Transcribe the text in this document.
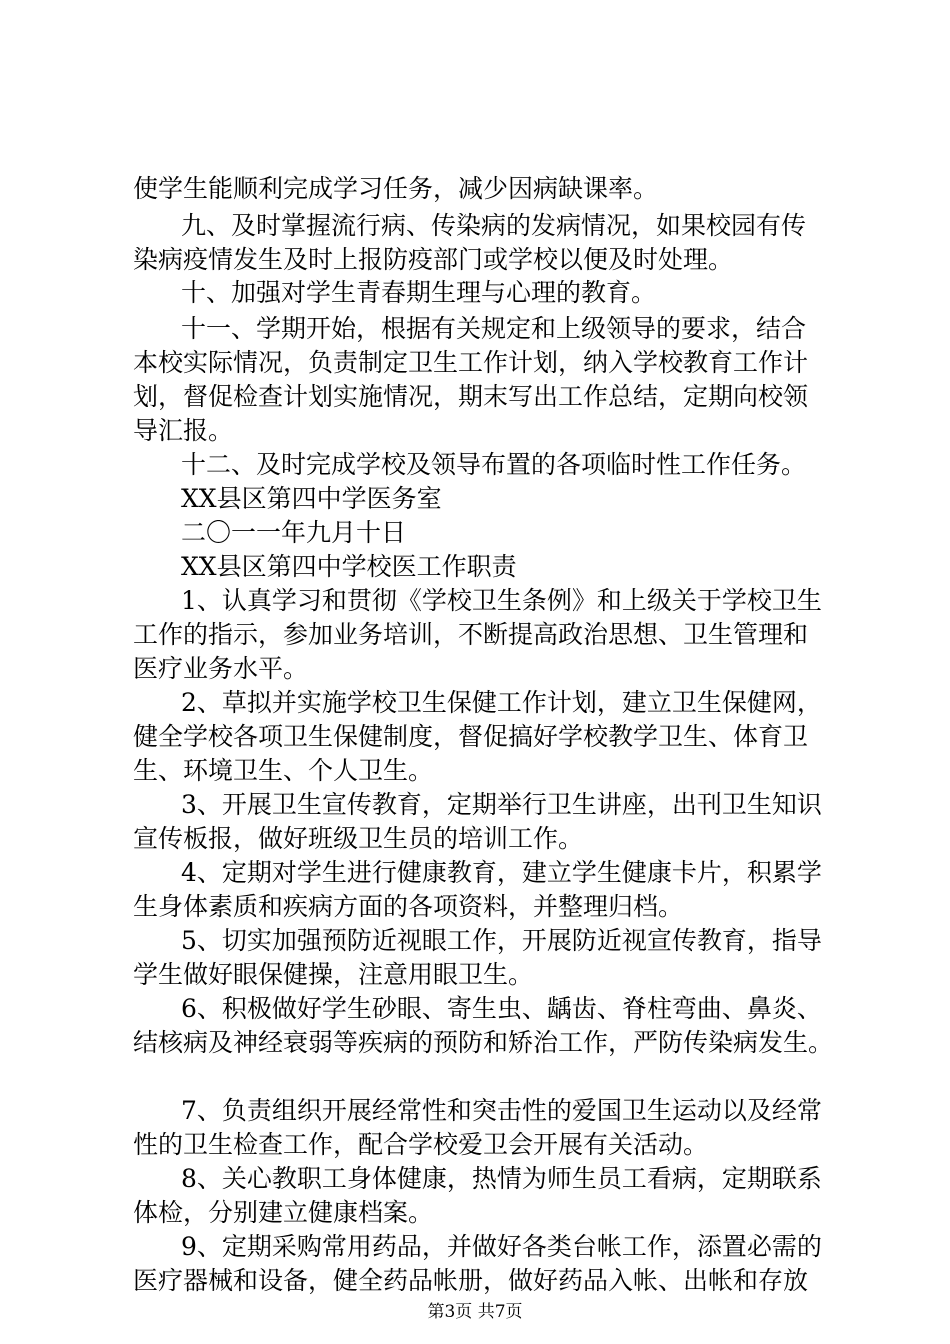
使学生能顺利完成学习任务，减少因病缺课率。
九、及时掌握流行病、传染病的发病情况，如果校园有传
染病疫情发生及时上报防疫部门或学校以便及时处理。
十、加强对学生青春期生理与心理的教育。
十一、学期开始，根据有关规定和上级领导的要求，结合
本校实际情况，负责制定卫生工作计划，纳入学校教育工作计
划，督促检查计划实施情况，期末写出工作总结，定期向校领
导汇报。
十二、及时完成学校及领导布置的各项临时性工作任务。
XX县区第四中学医务室
二〇一一年九月十日
XX县区第四中学校医工作职责
1、认真学习和贯彻《学校卫生条例》和上级关于学校卫生
工作的指示，参加业务培训，不断提高政治思想、卫生管理和
医疗业务水平。
2、草拟并实施学校卫生保健工作计划，建立卫生保健网，
健全学校各项卫生保健制度，督促搞好学校教学卫生、体育卫
生、环境卫生、个人卫生。
3、开展卫生宣传教育，定期举行卫生讲座，出刊卫生知识
宣传板报，做好班级卫生员的培训工作。
4、定期对学生进行健康教育，建立学生健康卡片，积累学
生身体素质和疾病方面的各项资料，并整理归档。
5、切实加强预防近视眼工作，开展防近视宣传教育，指导
学生做好眼保健操，注意用眼卫生。
6、积极做好学生砂眼、寄生虫、龋齿、脊柱弯曲、鼻炎、
结核病及神经衰弱等疾病的预防和矫治工作，严防传染病发生。
7、负责组织开展经常性和突击性的爱国卫生运动以及经常
性的卫生检查工作，配合学校爱卫会开展有关活动。
8、关心教职工身体健康，热情为师生员工看病，定期联系
体检，分别建立健康档案。
9、定期采购常用药品，并做好各类台帐工作，添置必需的
医疗器械和设备，健全药品帐册，做好药品入帐、出帐和存放
第3页 共7页
